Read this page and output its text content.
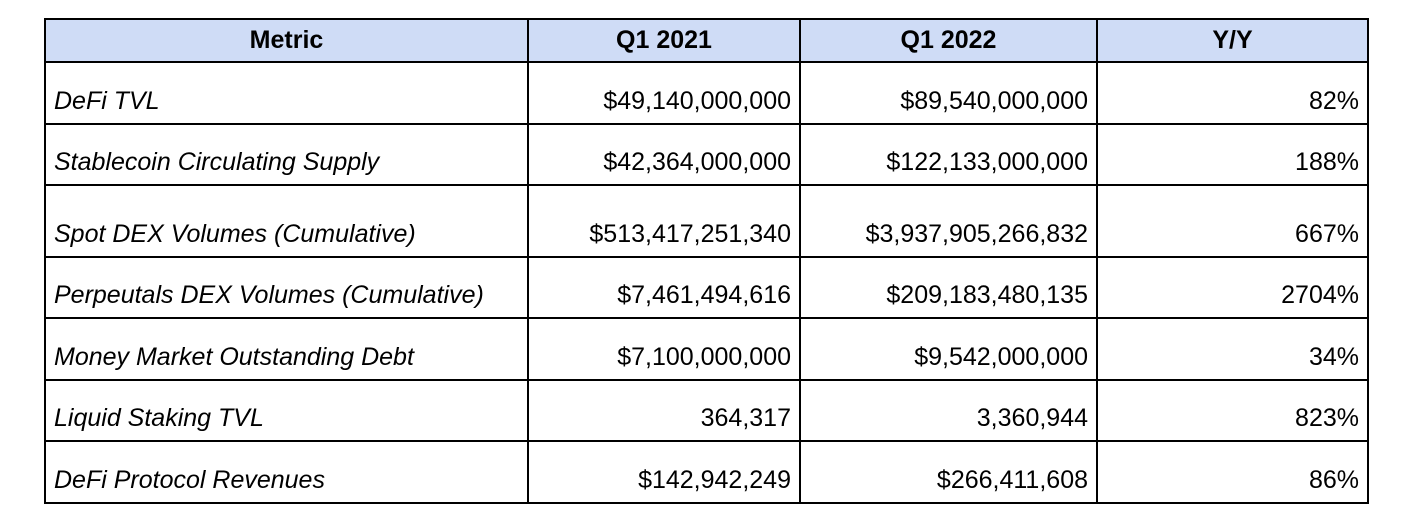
Metric	Q1 2021	Q1 2022	Y/Y
DeFi TVL	$49,140,000,000	$89,540,000,000	82%
Stablecoin Circulating Supply	$42,364,000,000	$122,133,000,000	188%
Spot DEX Volumes (Cumulative)	$513,417,251,340	$3,937,905,266,832	667%
Perpeutals DEX Volumes (Cumulative)	$7,461,494,616	$209,183,480,135	2704%
Money Market Outstanding Debt	$7,100,000,000	$9,542,000,000	34%
Liquid Staking TVL	364,317	3,360,944	823%
DeFi Protocol Revenues	$142,942,249	$266,411,608	86%
